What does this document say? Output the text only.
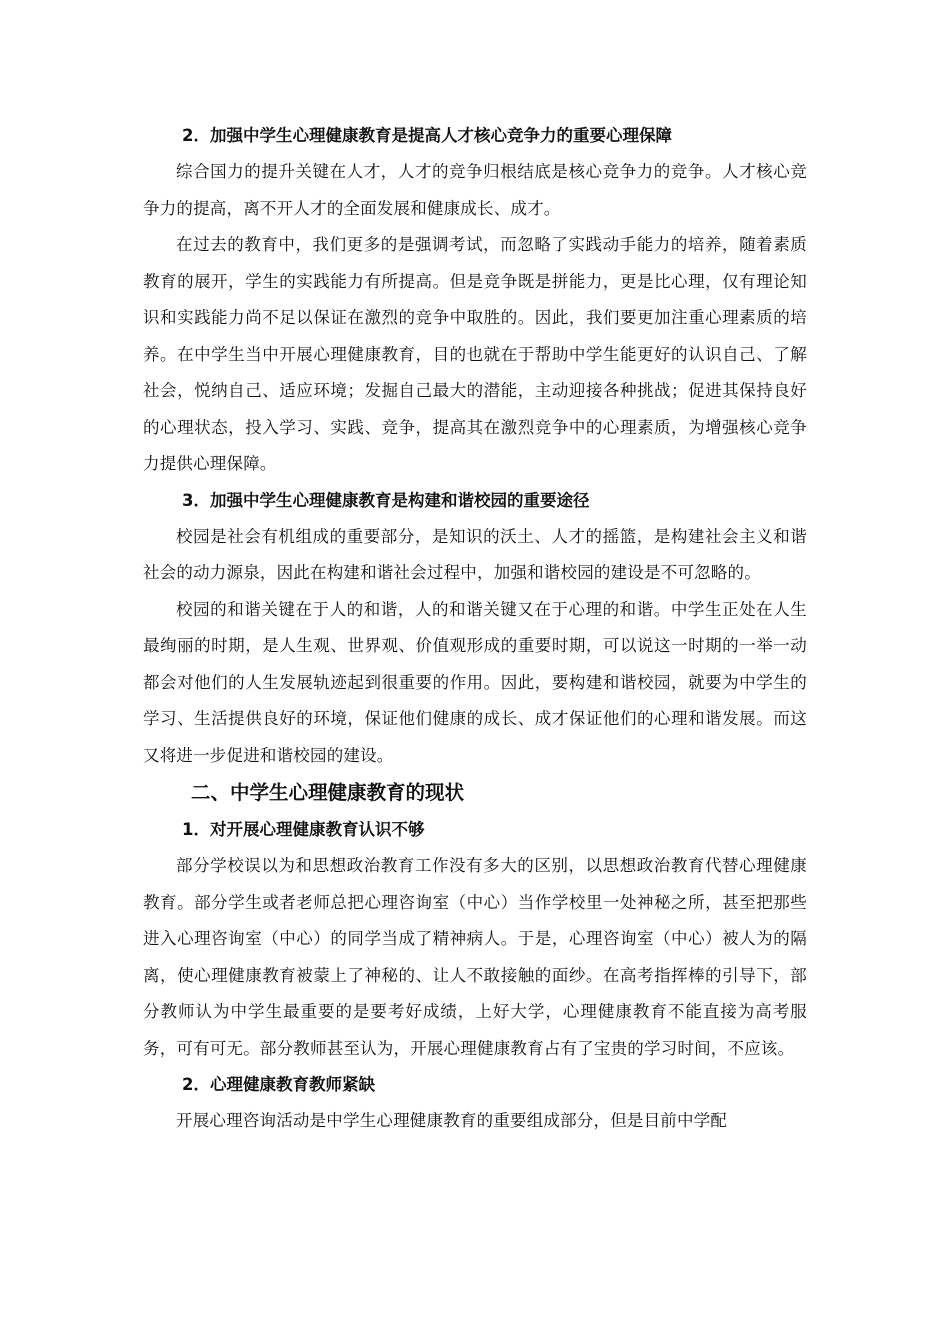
2．加强中学生心理健康教育是提高人才核心竞争力的重要心理保障

综合国力的提升关键在人才，人才的竞争归根结底是核心竞争力的竞争。人才核心竞争力的提高，离不开人才的全面发展和健康成长、成才。

在过去的教育中，我们更多的是强调考试，而忽略了实践动手能力的培养，随着素质教育的展开，学生的实践能力有所提高。但是竞争既是拼能力，更是比心理，仅有理论知识和实践能力尚不足以保证在激烈的竞争中取胜的。因此，我们要更加注重心理素质的培养。在中学生当中开展心理健康教育，目的也就在于帮助中学生能更好的认识自己、了解社会，悦纳自己、适应环境；发掘自己最大的潜能，主动迎接各种挑战；促进其保持良好的心理状态，投入学习、实践、竞争，提高其在激烈竞争中的心理素质，为增强核心竞争力提供心理保障。

3．加强中学生心理健康教育是构建和谐校园的重要途径

校园是社会有机组成的重要部分，是知识的沃土、人才的摇篮，是构建社会主义和谐社会的动力源泉，因此在构建和谐社会过程中，加强和谐校园的建设是不可忽略的。

校园的和谐关键在于人的和谐，人的和谐关键又在于心理的和谐。中学生正处在人生最绚丽的时期，是人生观、世界观、价值观形成的重要时期，可以说这一时期的一举一动都会对他们的人生发展轨迹起到很重要的作用。因此，要构建和谐校园，就要为中学生的学习、生活提供良好的环境，保证他们健康的成长、成才保证他们的心理和谐发展。而这又将进一步促进和谐校园的建设。

二、中学生心理健康教育的现状
1．对开展心理健康教育认识不够

部分学校误以为和思想政治教育工作没有多大的区别，以思想政治教育代替心理健康教育。部分学生或者老师总把心理咨询室（中心）当作学校里一处神秘之所，甚至把那些进入心理咨询室（中心）的同学当成了精神病人。于是，心理咨询室（中心）被人为的隔离，使心理健康教育被蒙上了神秘的、让人不敢接触的面纱。在高考指挥棒的引导下，部分教师认为中学生最重要的是要考好成绩，上好大学，心理健康教育不能直接为高考服务，可有可无。部分教师甚至认为，开展心理健康教育占有了宝贵的学习时间，不应该。

2．心理健康教育教师紧缺

开展心理咨询活动是中学生心理健康教育的重要组成部分，但是目前中学配
